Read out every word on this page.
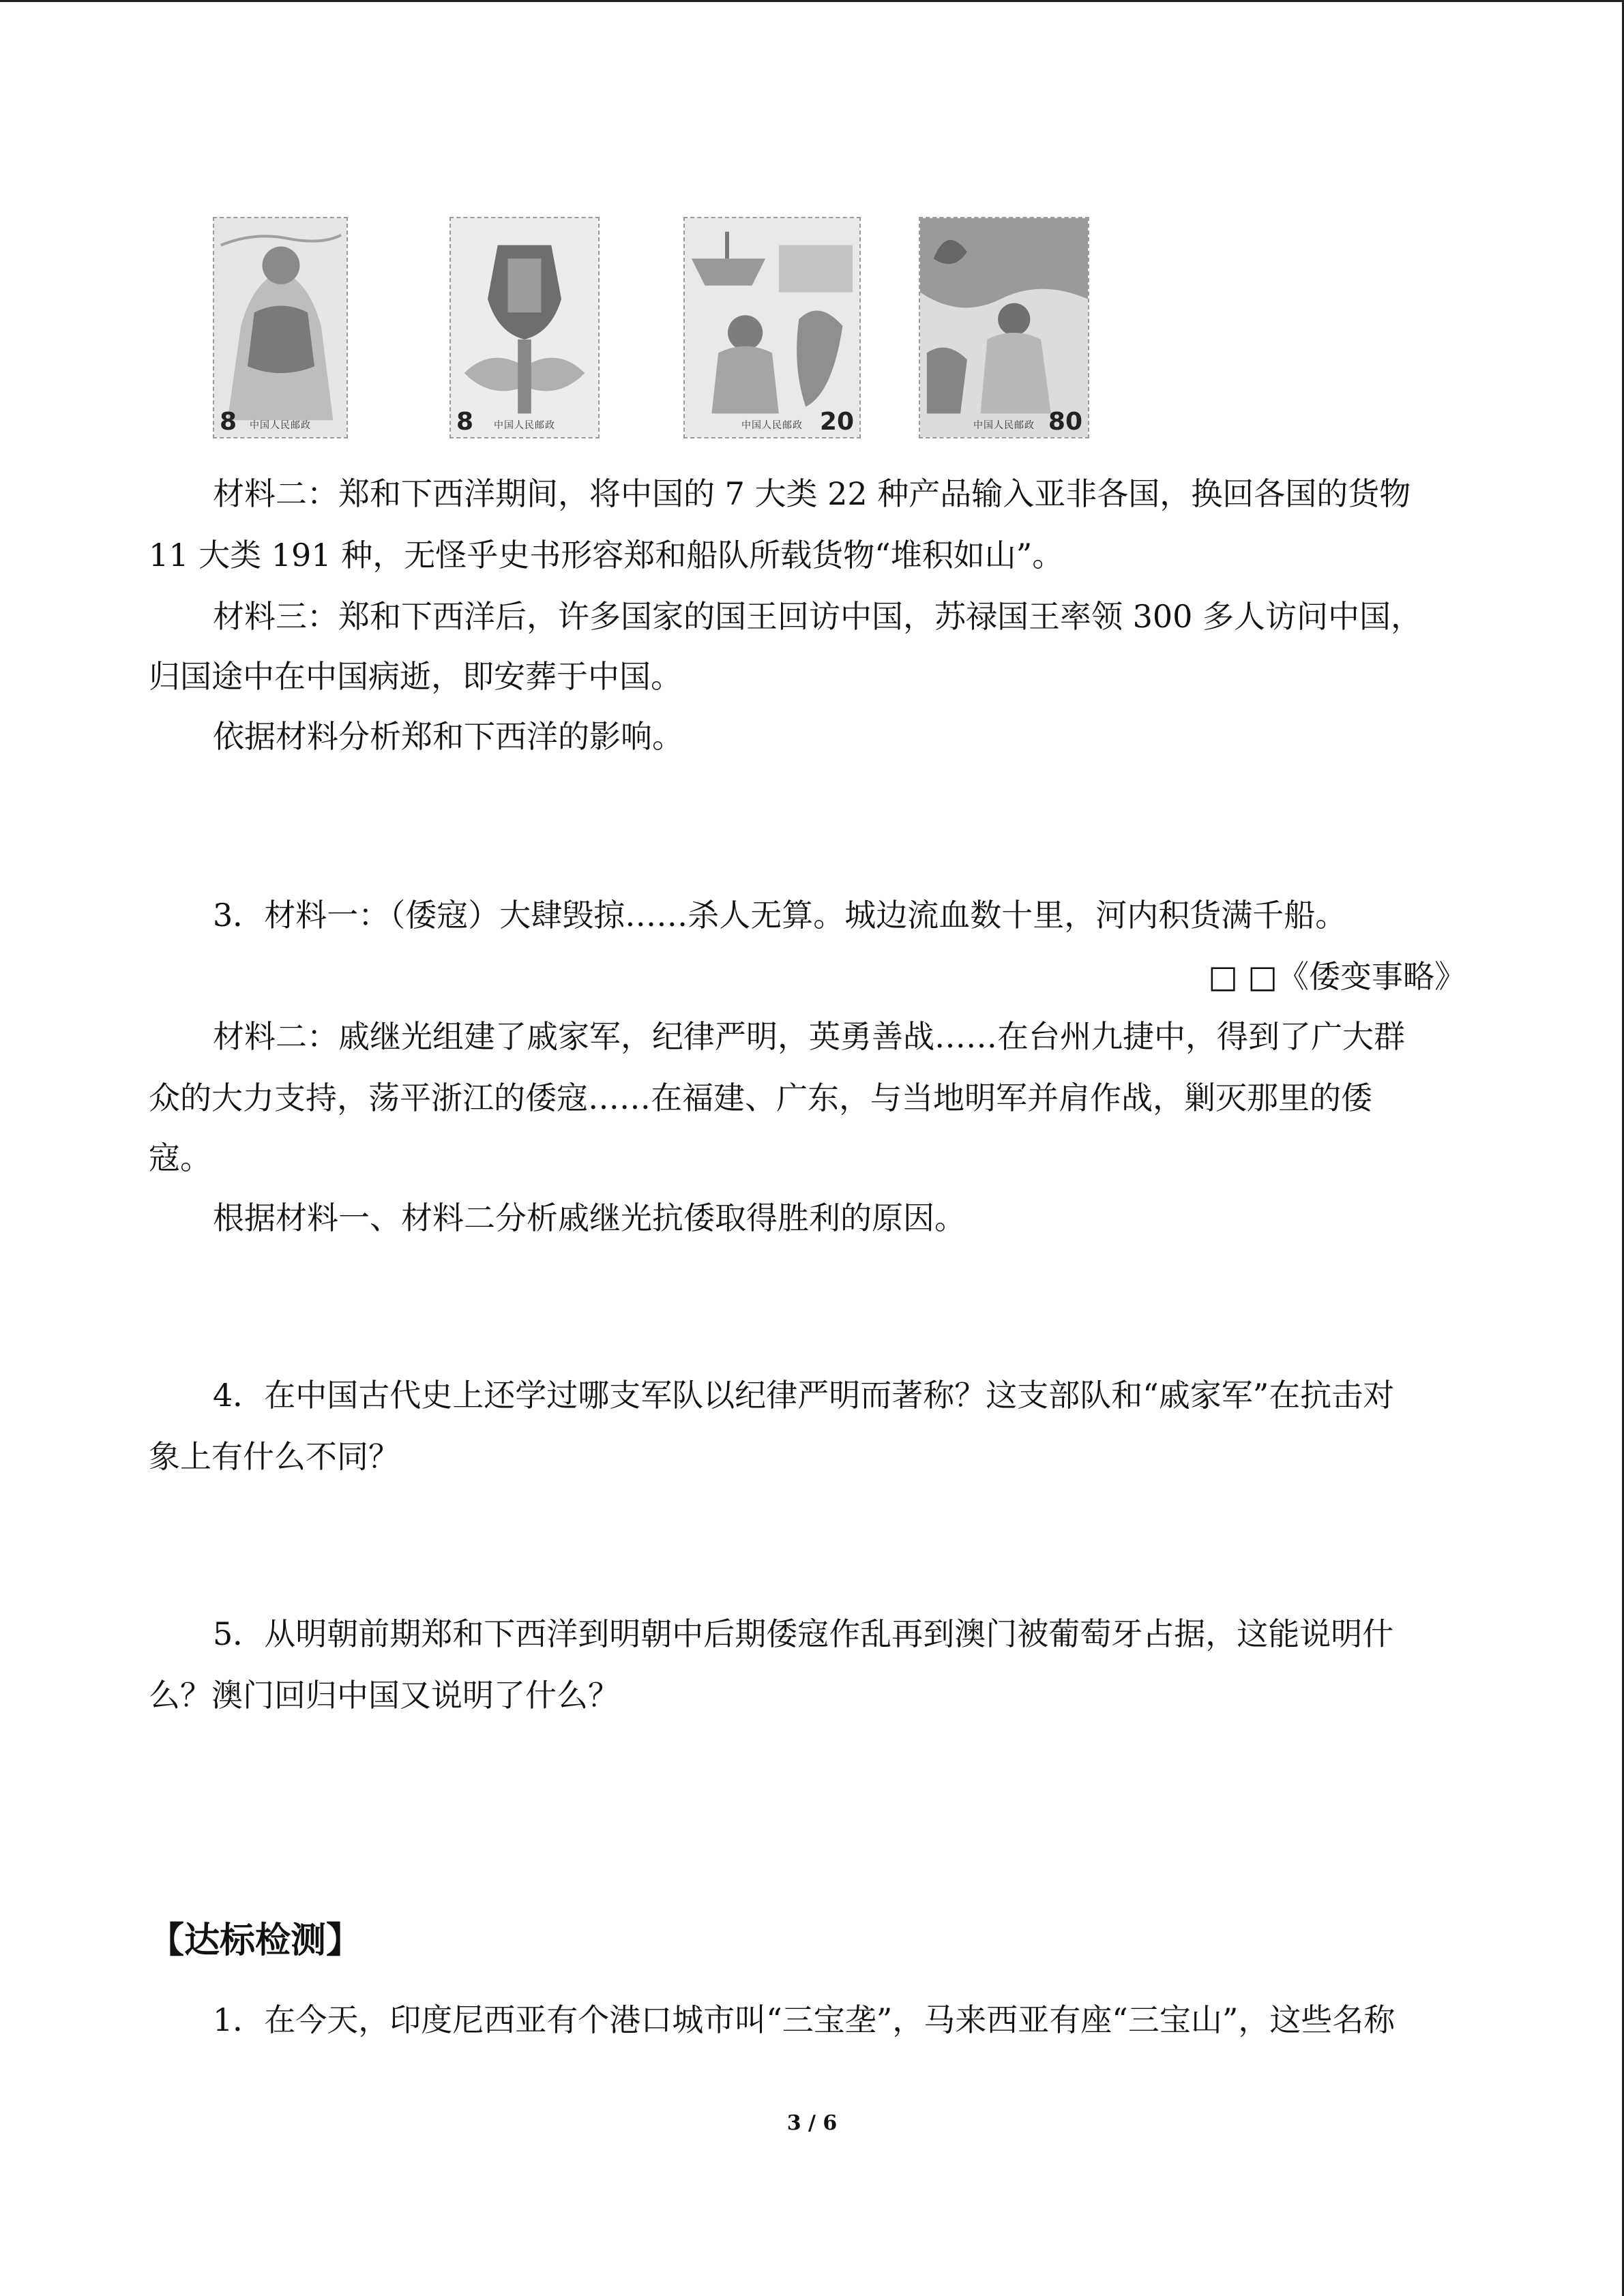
8	中国人民邮政	8	中国人民邮政	20
中国人民邮政	80
中国人民邮政
材料二：郑和下西洋期间，将中国的 7 大类 22 种产品输入亚非各国，换回各国的货物
11 大类 191 种，无怪乎史书形容郑和船队所载货物“堆积如山”。
材料三：郑和下西洋后，许多国家的国王回访中国，苏禄国王率领 300 多人访问中国，
归国途中在中国病逝，即安葬于中国。
依据材料分析郑和下西洋的影响。
3．材料一：（倭寇）大肆毁掠……杀人无算。城边流血数十里，河内积货满千船。
□ □《倭变事略》
材料二：戚继光组建了戚家军，纪律严明，英勇善战……在台州九捷中，得到了广大群
众的大力支持，荡平浙江的倭寇……在福建、广东，与当地明军并肩作战，剿灭那里的倭
寇。
根据材料一、材料二分析戚继光抗倭取得胜利的原因。
4．在中国古代史上还学过哪支军队以纪律严明而著称？这支部队和“戚家军”在抗击对
象上有什么不同？
5．从明朝前期郑和下西洋到明朝中后期倭寇作乱再到澳门被葡萄牙占据，这能说明什
么？澳门回归中国又说明了什么？
【达标检测】
1．在今天，印度尼西亚有个港口城市叫“三宝垄”，马来西亚有座“三宝山”，这些名称
3 / 6
